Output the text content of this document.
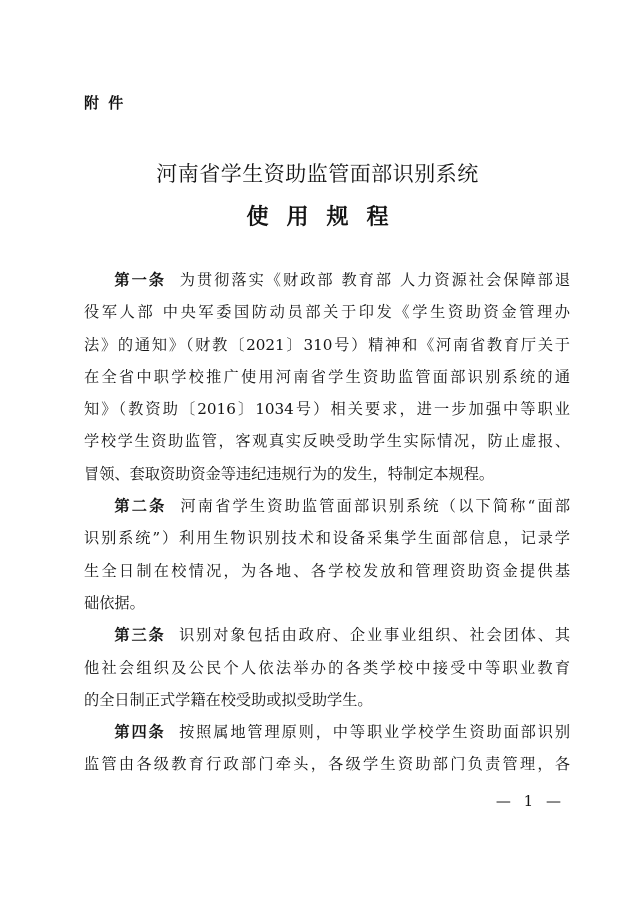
附 件
河南省学生资助监管面部识别系统
使 用 规 程
第一条 为贯彻落实《财政部 教育部 人力资源社会保障部退
役军人部 中央军委国防动员部关于印发《学生资助资金管理办
法》的通知》（财教〔2021〕310号）精神和《河南省教育厅关于
在全省中职学校推广使用河南省学生资助监管面部识别系统的通
知》（教资助〔2016〕1034号）相关要求，进一步加强中等职业
学校学生资助监管，客观真实反映受助学生实际情况，防止虚报、
冒领、套取资助资金等违纪违规行为的发生，特制定本规程。
第二条 河南省学生资助监管面部识别系统（以下简称“面部
识别系统”）利用生物识别技术和设备采集学生面部信息，记录学
生全日制在校情况，为各地、各学校发放和管理资助资金提供基
础依据。
第三条 识别对象包括由政府、企业事业组织、社会团体、其
他社会组织及公民个人依法举办的各类学校中接受中等职业教育
的全日制正式学籍在校受助或拟受助学生。
第四条 按照属地管理原则，中等职业学校学生资助面部识别
监管由各级教育行政部门牵头，各级学生资助部门负责管理，各
— 1 —
